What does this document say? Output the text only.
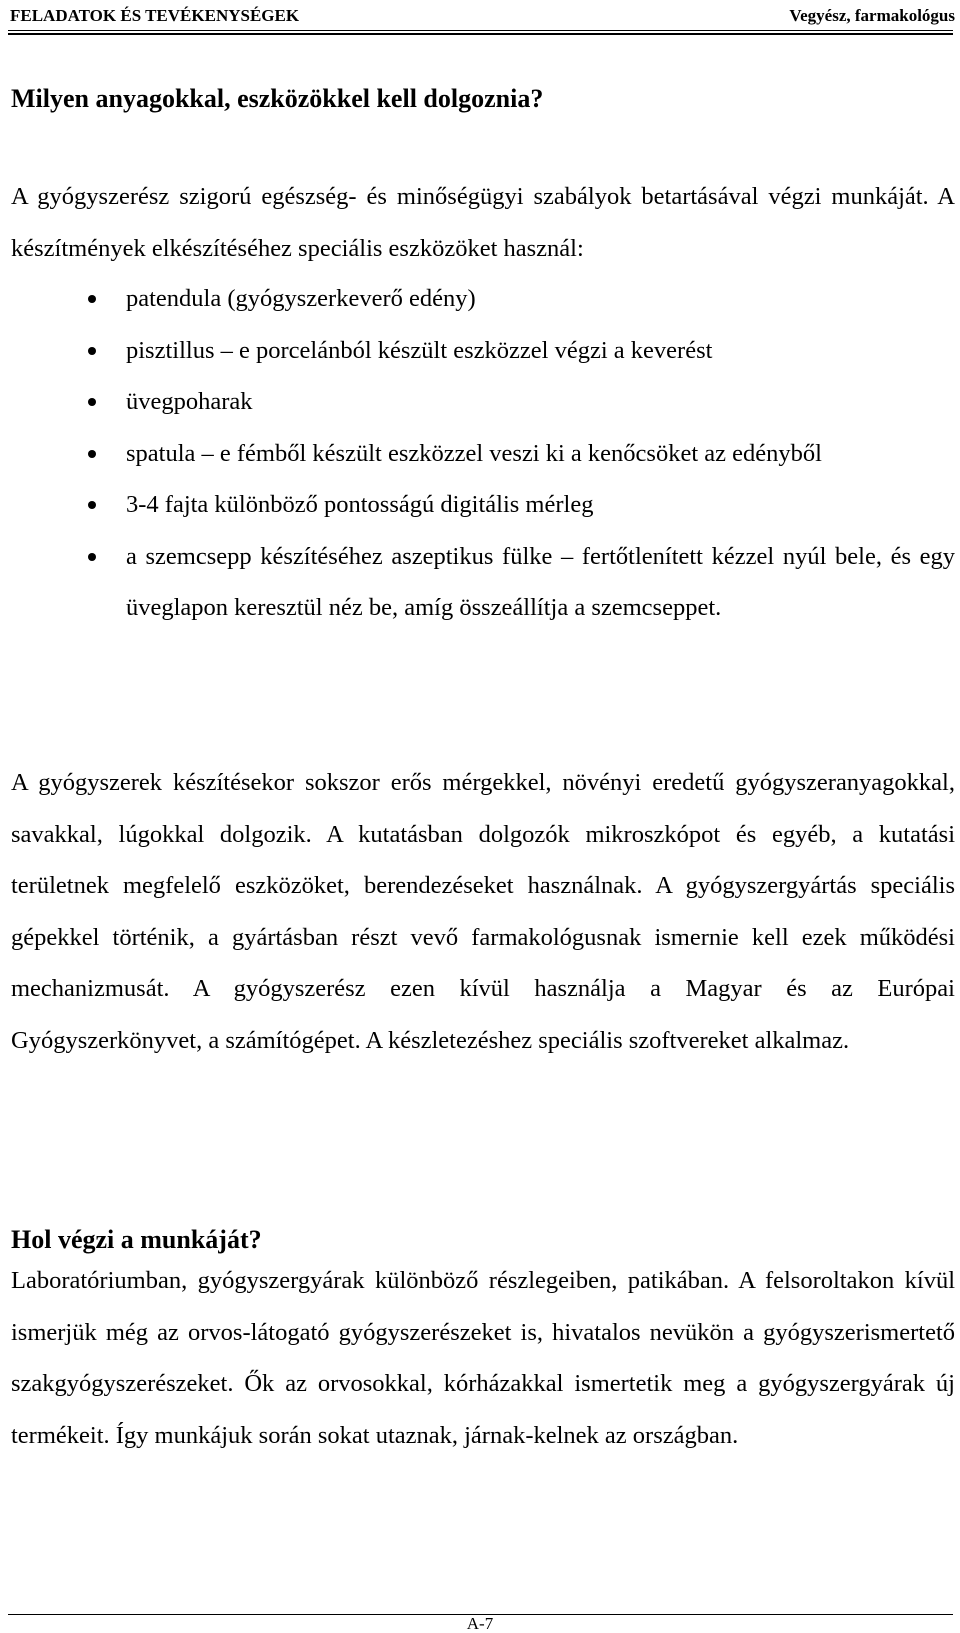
FELADATOK ÉS TEVÉKENYSÉGEK	Vegyész, farmakológus
Milyen anyagokkal, eszközökkel kell dolgoznia?

A gyógyszerész szigorú egészség- és minőségügyi szabályok betartásával végzi munkáját. A készítmények elkészítéséhez speciális eszközöket használ:

patendula (gyógyszerkeverő edény)
pisztillus – e porcelánból készült eszközzel végzi a keverést
üvegpoharak
spatula – e fémből készült eszközzel veszi ki a kenőcsöket az edényből
3-4 fajta különböző pontosságú digitális mérleg
a szemcsepp készítéséhez aszeptikus fülke – fertőtlenített kézzel nyúl bele, és egy üveglapon keresztül néz be, amíg összeállítja a szemcseppet.

A gyógyszerek készítésekor sokszor erős mérgekkel, növényi eredetű gyógyszeranyagokkal, savakkal, lúgokkal dolgozik. A kutatásban dolgozók mikroszkópot és egyéb, a kutatási területnek megfelelő eszközöket, berendezéseket használnak. A gyógyszergyártás speciális gépekkel történik, a gyártásban részt vevő farmakológusnak ismernie kell ezek működési mechanizmusát. A gyógyszerész ezen kívül használja a Magyar és az Európai Gyógyszerkönyvet, a számítógépet. A készletezéshez speciális szoftvereket alkalmaz.

Hol végzi a munkáját?

Laboratóriumban, gyógyszergyárak különböző részlegeiben, patikában. A felsoroltakon kívül ismerjük még az orvos-látogató gyógyszerészeket is, hivatalos nevükön a gyógyszerismertető szakgyógyszerészeket. Ők az orvosokkal, kórházakkal ismertetik meg a gyógyszergyárak új termékeit. Így munkájuk során sokat utaznak, járnak-kelnek az országban.

A-7
